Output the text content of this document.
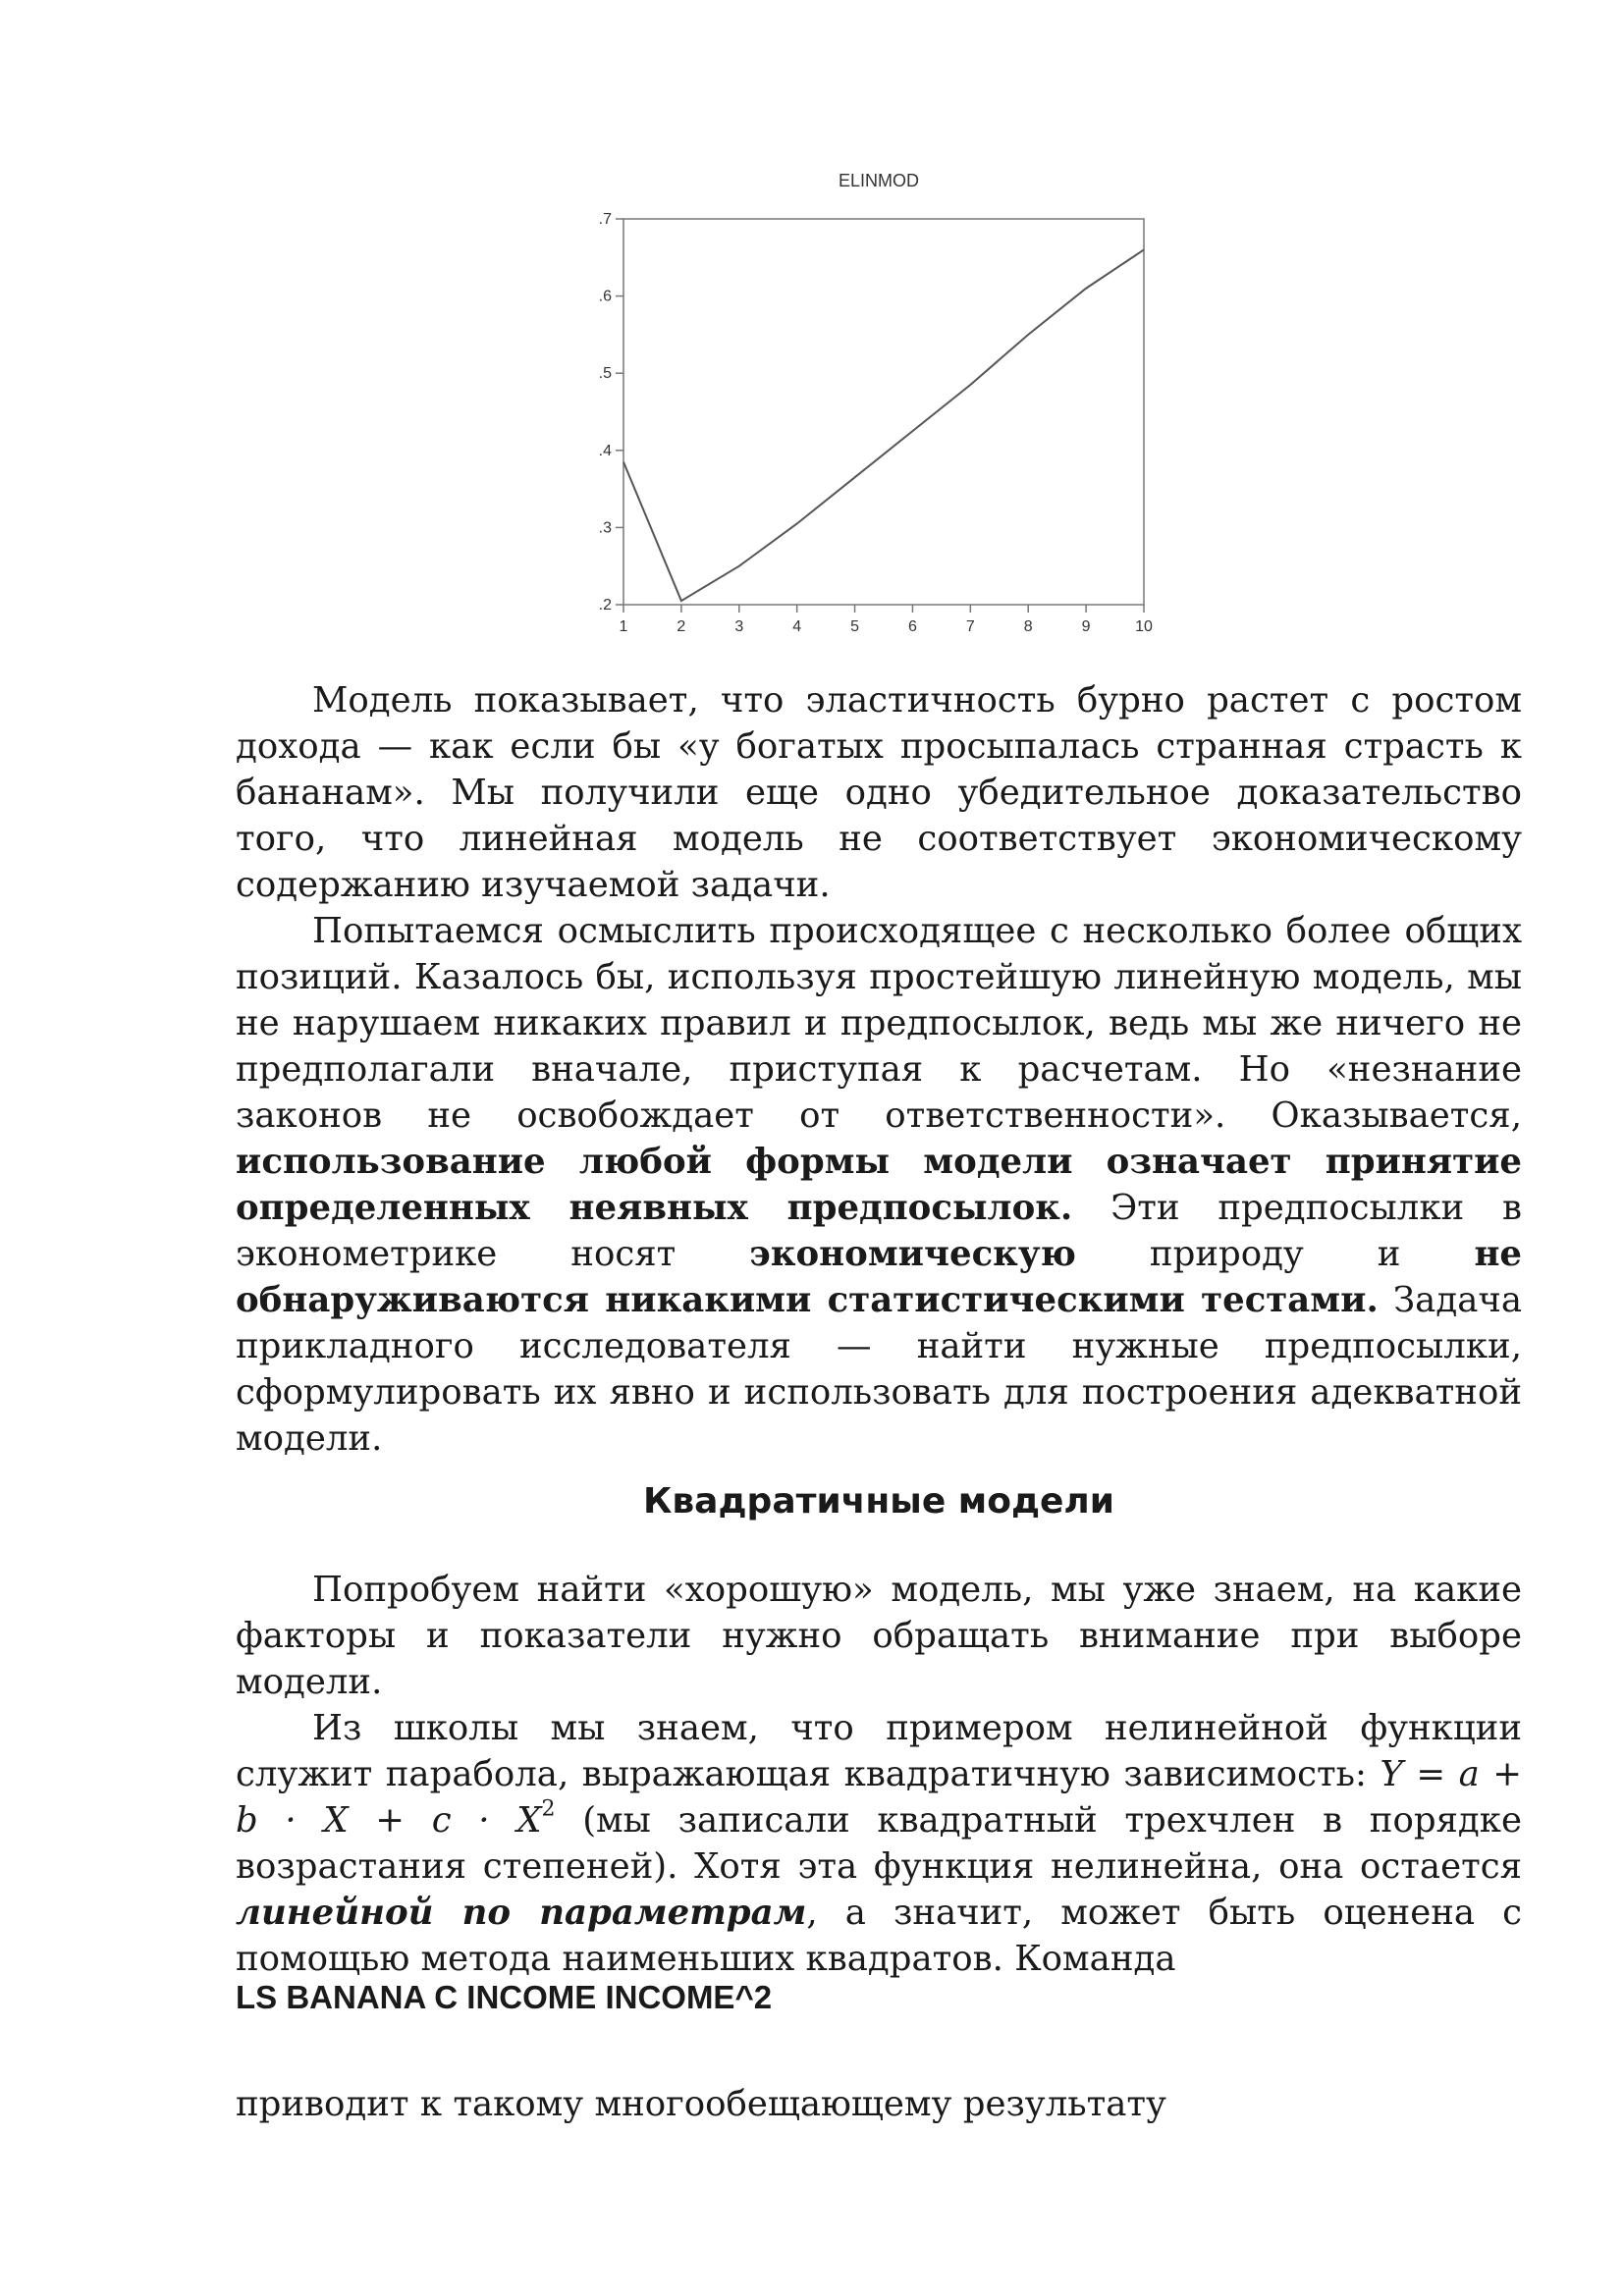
ELINMOD
.2
.3
.4
.5
.6
.7
1	2	3	4	5	6	7	8	9	10

Модель показывает, что эластичность бурно растет с ростом дохода — как если бы «у богатых просыпалась странная страсть к бананам». Мы получили еще одно убедительное доказательство того, что линейная модель не соответствует экономическому содержанию изучаемой задачи.

Попытаемся осмыслить происходящее с несколько более общих позиций. Казалось бы, используя простейшую линейную модель, мы не нарушаем никаких правил и предпосылок, ведь мы же ничего не предполагали вначале, приступая к расчетам. Но «незнание законов не освобождает от ответственности». Оказывается, использование любой формы модели означает принятие определенных неявных предпосылок. Эти предпосылки в эконометрике носят экономическую природу и не обнаруживаются никакими статистическими тестами. Задача прикладного исследователя — найти нужные предпосылки, сформулировать их явно и использовать для построения адекватной модели.

Квадратичные модели

Попробуем найти «хорошую» модель, мы уже знаем, на какие факторы и показатели нужно обращать внимание при выборе модели.

Из школы мы знаем, что примером нелинейной функции служит парабола, выражающая квадратичную зависимость: $Y = a + b \cdot X + c \cdot X^2$ (мы записали квадратный трехчлен в порядке возрастания степеней). Хотя эта функция нелинейна, она остается линейной по параметрам, а значит, может быть оценена с помощью метода наименьших квадратов. Команда

LS BANANA C INCOME INCOME^2
приводит к такому многообещающему результату
